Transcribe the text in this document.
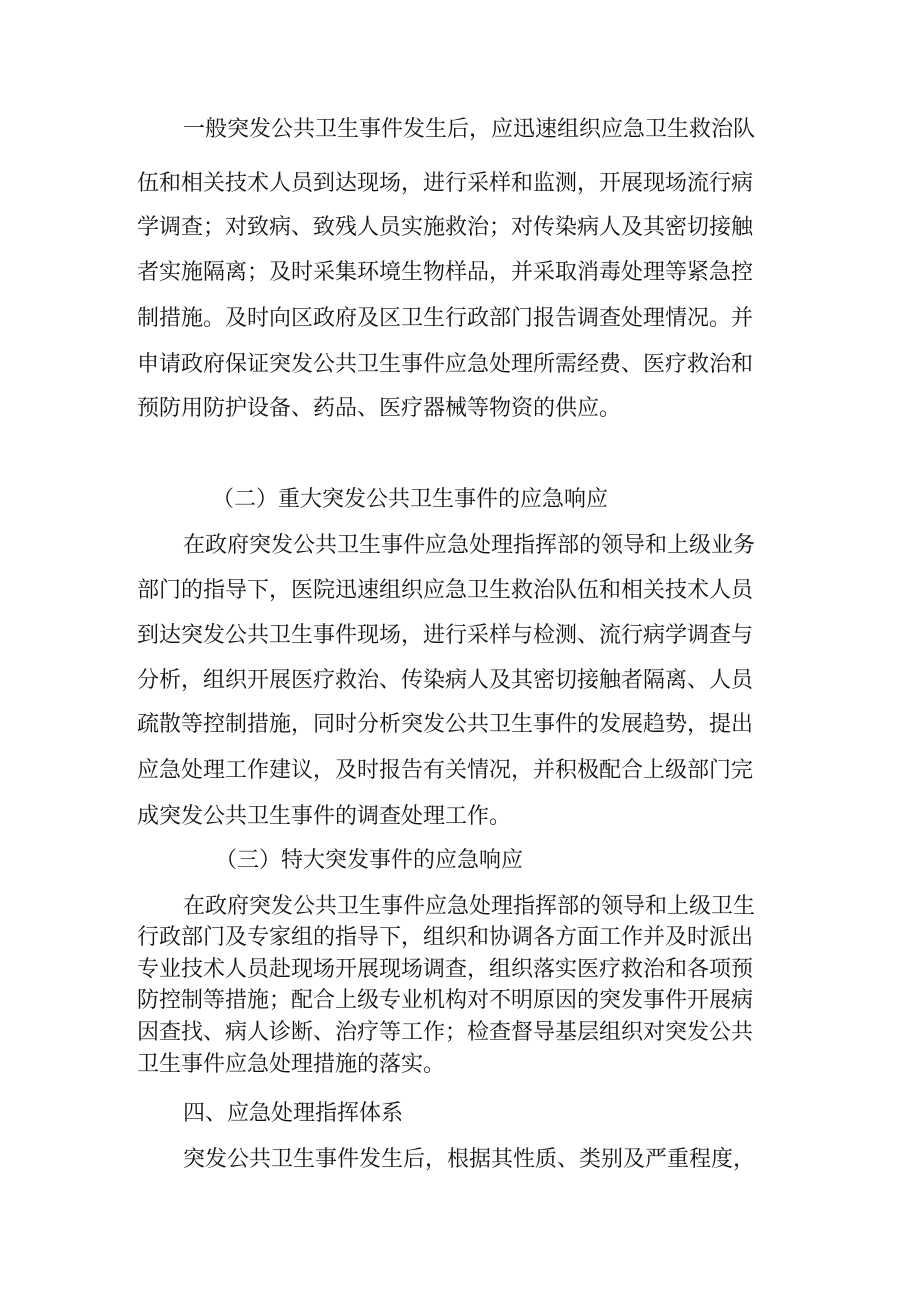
一般突发公共卫生事件发生后，应迅速组织应急卫生救治队
伍和相关技术人员到达现场，进行采样和监测，开展现场流行病
学调查；对致病、致残人员实施救治；对传染病人及其密切接触
者实施隔离；及时采集环境生物样品，并采取消毒处理等紧急控
制措施。及时向区政府及区卫生行政部门报告调查处理情况。并
申请政府保证突发公共卫生事件应急处理所需经费、医疗救治和
预防用防护设备、药品、医疗器械等物资的供应。
（二）重大突发公共卫生事件的应急响应
在政府突发公共卫生事件应急处理指挥部的领导和上级业务
部门的指导下，医院迅速组织应急卫生救治队伍和相关技术人员
到达突发公共卫生事件现场，进行采样与检测、流行病学调查与
分析，组织开展医疗救治、传染病人及其密切接触者隔离、人员
疏散等控制措施，同时分析突发公共卫生事件的发展趋势，提出
应急处理工作建议，及时报告有关情况，并积极配合上级部门完
成突发公共卫生事件的调查处理工作。
（三）特大突发事件的应急响应
在政府突发公共卫生事件应急处理指挥部的领导和上级卫生
行政部门及专家组的指导下，组织和协调各方面工作并及时派出
专业技术人员赴现场开展现场调查，组织落实医疗救治和各项预
防控制等措施；配合上级专业机构对不明原因的突发事件开展病
因查找、病人诊断、治疗等工作；检查督导基层组织对突发公共
卫生事件应急处理措施的落实。
四、应急处理指挥体系
突发公共卫生事件发生后，根据其性质、类别及严重程度，
